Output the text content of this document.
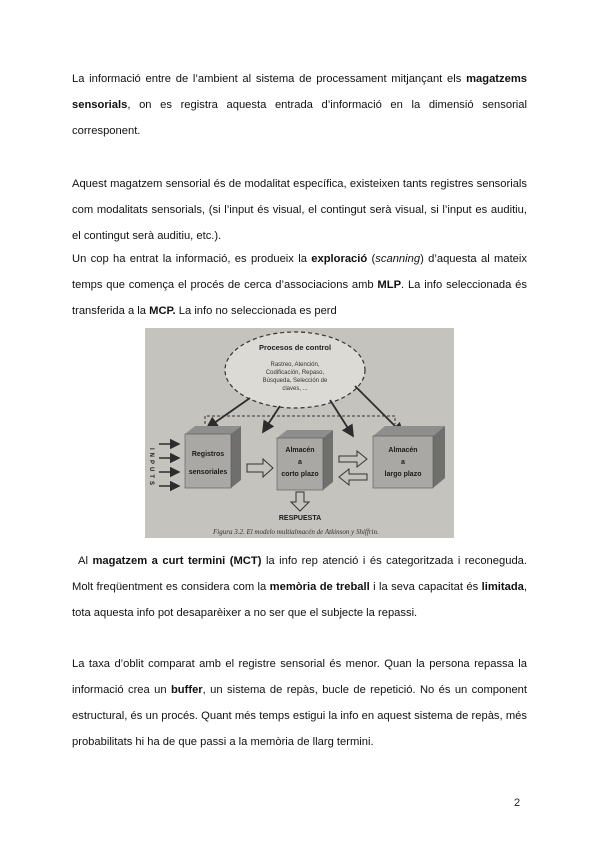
La informació entre de l’ambient al sistema de processament mitjançant els magatzems sensorials, on es registra aquesta entrada d’informació en la dimensió sensorial corresponent.

Aquest magatzem sensorial és de modalitat específica, existeixen tants registres sensorials com modalitats sensorials, (si l’input és visual, el contingut serà visual, si l’input es auditiu, el contingut serà auditiu, etc.).

Un cop ha entrat la informació, es produeix la exploració (scanning) d’aquesta al mateix temps que comença el procés de cerca d’associacions amb MLP. La info seleccionada és transferida a la MCP. La info no seleccionada es perd

Procesos de control
Rastreo, Atención,
Codificación, Repaso,
Búsqueda, Selección de
claves, ...
INPUTS	Registros
sensoriales
Almacén
a
corto plazo
Almacén
a
largo plazo
RESPUESTA
Figura 3.2. El modelo multialmacén de Atkinson y Shiffrin.

Al magatzem a curt termini (MCT) la info rep atenció i és categoritzada i reconeguda. Molt freqüentment es considera com la memòria de treball i la seva capacitat és limitada, tota aquesta info pot desaparèixer a no ser que el subjecte la repassi.

La taxa d’oblit comparat amb el registre sensorial és menor. Quan la persona repassa la informació crea un buffer, un sistema de repàs, bucle de repetició. No és un component estructural, és un procés. Quant més temps estigui la info en aquest sistema de repàs, més probabilitats hi ha de que passi a la memòria de llarg termini.

2
